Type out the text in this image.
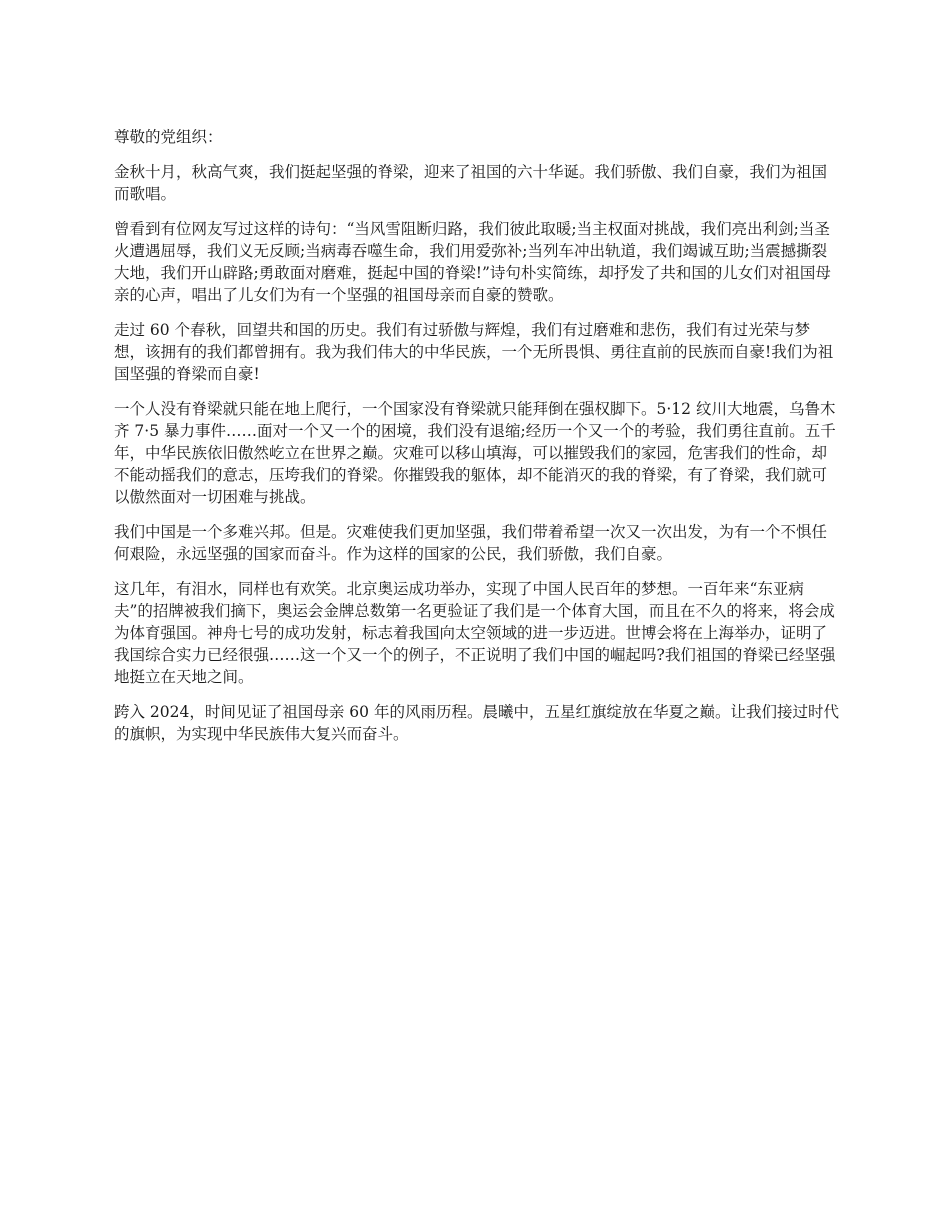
尊敬的党组织：

金秋十月，秋高气爽，我们挺起坚强的脊梁，迎来了祖国的六十华诞。我们骄傲、我们自豪，我们为祖国而歌唱。

曾看到有位网友写过这样的诗句：“当风雪阻断归路，我们彼此取暖;当主权面对挑战，我们亮出利剑;当圣火遭遇屈辱，我们义无反顾;当病毒吞噬生命，我们用爱弥补;当列车冲出轨道，我们竭诚互助;当震撼撕裂大地，我们开山辟路;勇敢面对磨难，挺起中国的脊梁!”诗句朴实简练，却抒发了共和国的儿女们对祖国母亲的心声，唱出了儿女们为有一个坚强的祖国母亲而自豪的赞歌。

走过 60 个春秋，回望共和国的历史。我们有过骄傲与辉煌，我们有过磨难和悲伤，我们有过光荣与梦想，该拥有的我们都曾拥有。我为我们伟大的中华民族，一个无所畏惧、勇往直前的民族而自豪!我们为祖国坚强的脊梁而自豪!

一个人没有脊梁就只能在地上爬行，一个国家没有脊梁就只能拜倒在强权脚下。5·12 纹川大地震，乌鲁木齐 7·5 暴力事件……面对一个又一个的困境，我们没有退缩;经历一个又一个的考验，我们勇往直前。五千年，中华民族依旧傲然屹立在世界之巅。灾难可以移山填海，可以摧毁我们的家园，危害我们的性命，却不能动摇我们的意志，压垮我们的脊梁。你摧毁我的躯体，却不能消灭的我的脊梁，有了脊梁，我们就可以傲然面对一切困难与挑战。

我们中国是一个多难兴邦。但是。灾难使我们更加坚强，我们带着希望一次又一次出发，为有一个不惧任何艰险，永远坚强的国家而奋斗。作为这样的国家的公民，我们骄傲，我们自豪。

这几年，有泪水，同样也有欢笑。北京奥运成功举办，实现了中国人民百年的梦想。一百年来“东亚病夫”的招牌被我们摘下，奥运会金牌总数第一名更验证了我们是一个体育大国，而且在不久的将来，将会成为体育强国。神舟七号的成功发射，标志着我国向太空领域的进一步迈进。世博会将在上海举办，证明了我国综合实力已经很强……这一个又一个的例子，不正说明了我们中国的崛起吗?我们祖国的脊梁已经坚强地挺立在天地之间。

跨入 2024，时间见证了祖国母亲 60 年的风雨历程。晨曦中，五星红旗绽放在华夏之巅。让我们接过时代的旗帜，为实现中华民族伟大复兴而奋斗。
